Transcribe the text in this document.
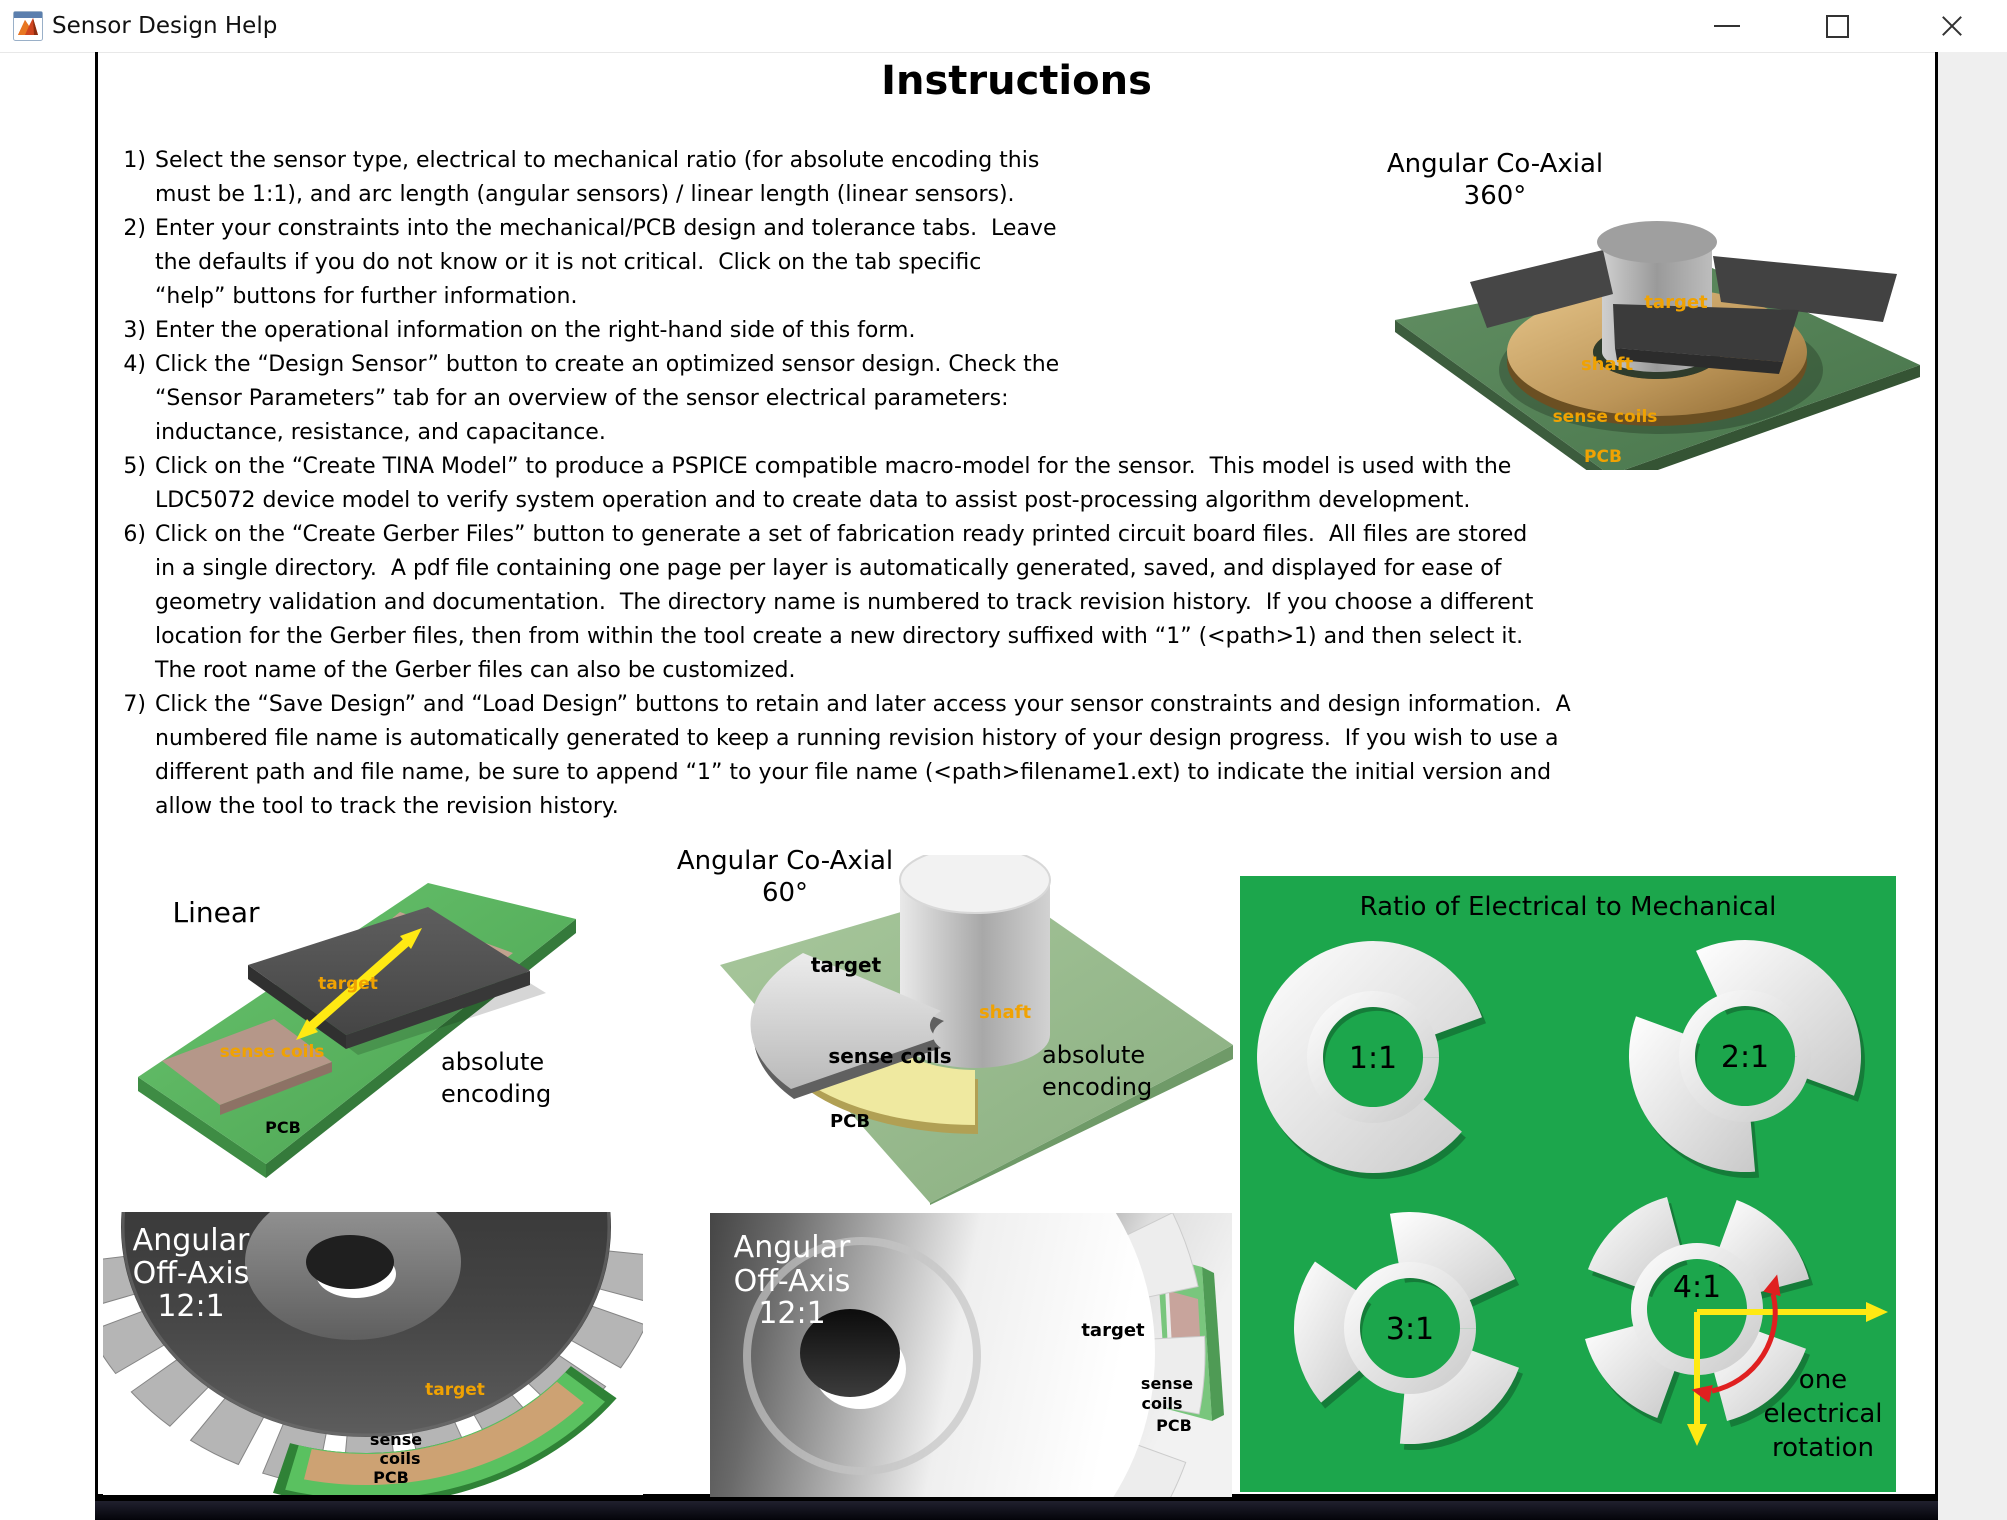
Sensor Design Help
Instructions
1) Select the sensor type, electrical to mechanical ratio (for absolute encoding this
must be 1:1), and arc length (angular sensors) / linear length (linear sensors).
2) Enter your constraints into the mechanical/PCB design and tolerance tabs.  Leave
the defaults if you do not know or it is not critical.  Click on the tab specific
“help” buttons for further information.
3) Enter the operational information on the right-hand side of this form.
4) Click the “Design Sensor” button to create an optimized sensor design. Check the
“Sensor Parameters” tab for an overview of the sensor electrical parameters:
inductance, resistance, and capacitance.
5) Click on the “Create TINA Model” to produce a PSPICE compatible macro-model for the sensor.  This model is used with the
LDC5072 device model to verify system operation and to create data to assist post-processing algorithm development.
6) Click on the “Create Gerber Files” button to generate a set of fabrication ready printed circuit board files.  All files are stored
in a single directory.  A pdf file containing one page per layer is automatically generated, saved, and displayed for ease of
geometry validation and documentation.  The directory name is numbered to track revision history.  If you choose a different
location for the Gerber files, then from within the tool create a new directory suffixed with “1” (<path>1) and then select it.
The root name of the Gerber files can also be customized.
7) Click the “Save Design” and “Load Design” buttons to retain and later access your sensor constraints and design information.  A
numbered file name is automatically generated to keep a running revision history of your design progress.  If you wish to use a
different path and file name, be sure to append “1” to your file name (<path>filename1.ext) to indicate the initial version and
allow the tool to track the revision history.
Angular Co-Axial
360°
target
shaft
sense coils
PCB
Linear
target
sense coils	absolute
encoding
PCB
Angular Co-Axial
60°
target
shaft
sense coils	absolute
encoding
PCB
1:1	2:1
3:1
4:1
one
electrical
rotation
Ratio of Electrical to Mechanical
Angular
Off-Axis
12:1
target
sense
coils
PCB
Angular
Off-Axis
12:1	target
sense
coils
PCB
